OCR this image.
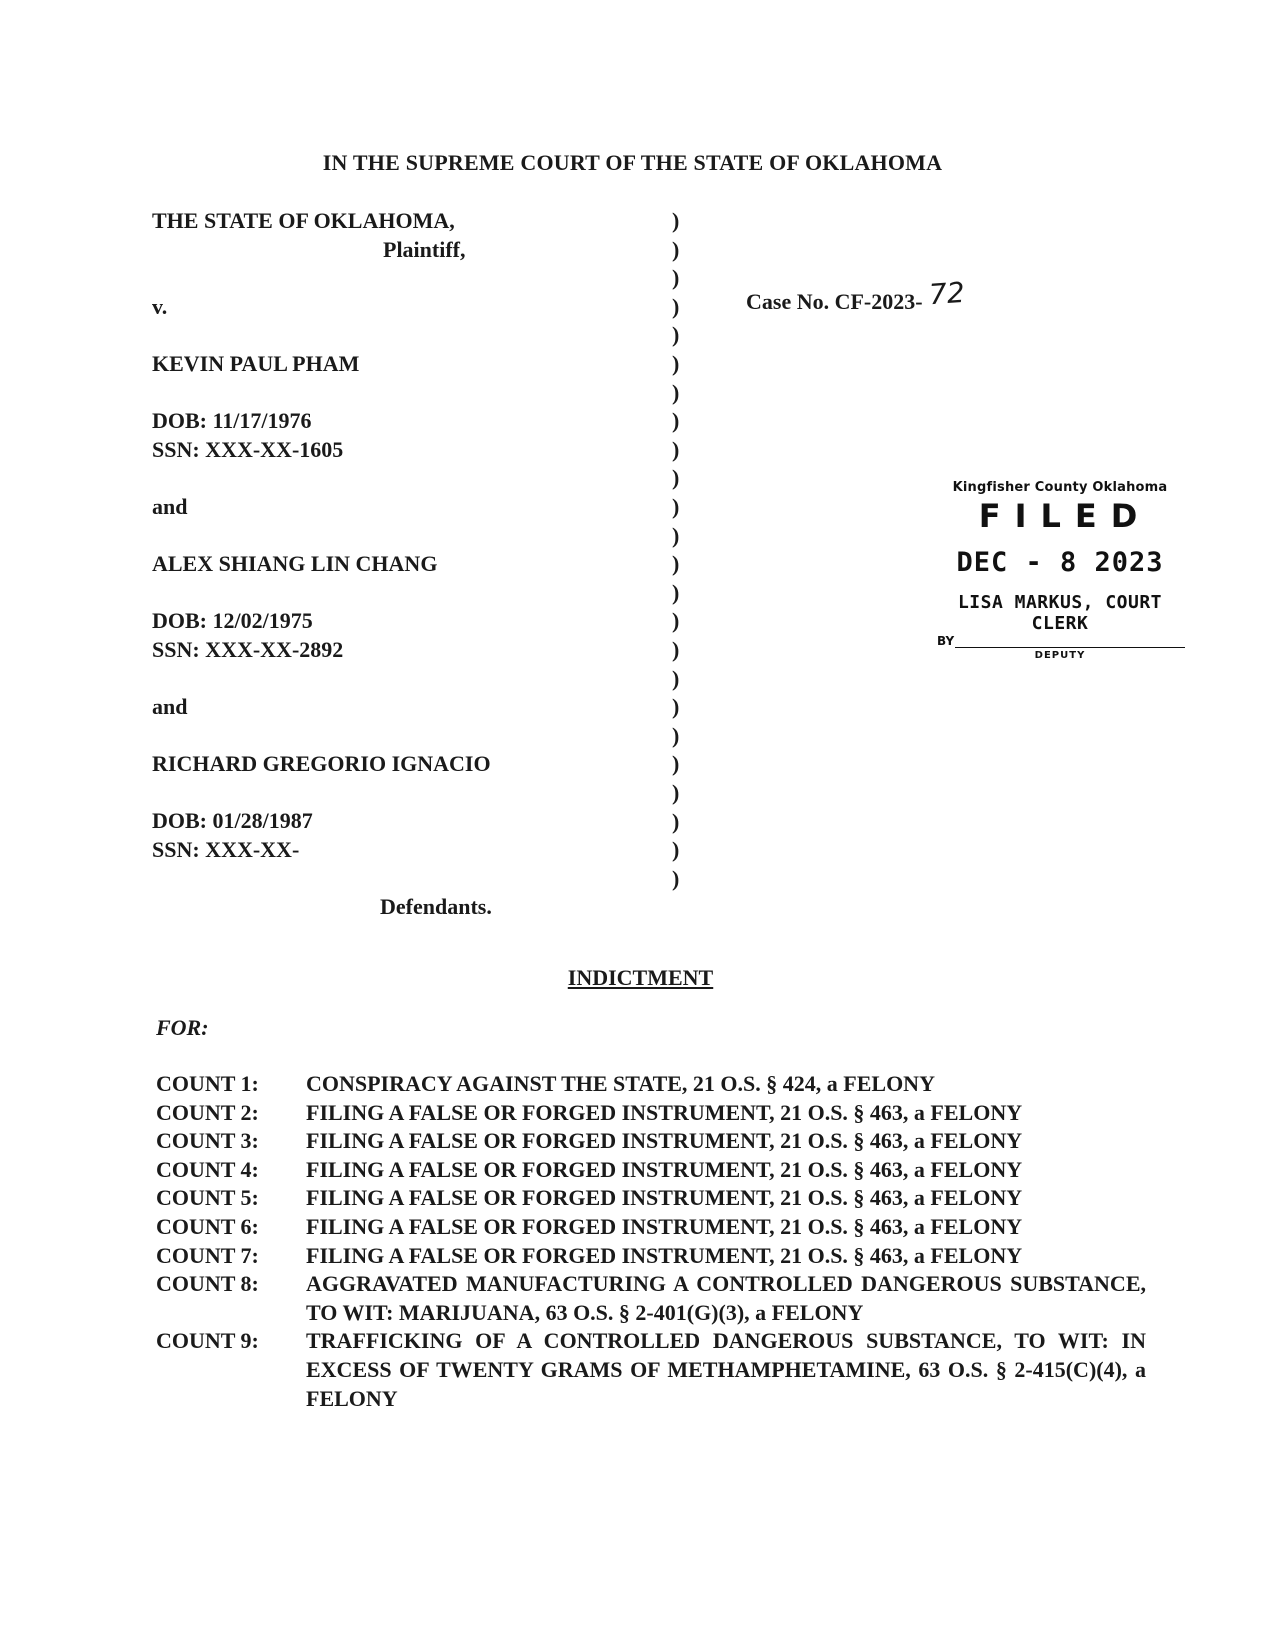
IN THE SUPREME COURT OF THE STATE OF OKLAHOMA
THE STATE OF OKLAHOMA,
Plaintiff,
v.
KEVIN PAUL PHAM
DOB: 11/17/1976
SSN: XXX-XX-1605
and
ALEX SHIANG LIN CHANG
DOB: 12/02/1975
SSN: XXX-XX-2892
and
RICHARD GREGORIO IGNACIO
DOB: 01/28/1987
SSN: XXX-XX-
Defendants.
)
)
)
)
)
)
)
)
)
)
)
)
)
)
)
)
)
)
)
)
)
)
)
)
Case No. CF-2023- 72
Kingfisher County Oklahoma
FILED
DEC - 8 2023
LISA MARKUS, COURT CLERK
BY
DEPUTY
INDICTMENT
FOR:
COUNT 1:	CONSPIRACY AGAINST THE STATE, 21 O.S. § 424, a FELONY
COUNT 2:	FILING A FALSE OR FORGED INSTRUMENT, 21 O.S. § 463, a FELONY
COUNT 3:	FILING A FALSE OR FORGED INSTRUMENT, 21 O.S. § 463, a FELONY
COUNT 4:	FILING A FALSE OR FORGED INSTRUMENT, 21 O.S. § 463, a FELONY
COUNT 5:	FILING A FALSE OR FORGED INSTRUMENT, 21 O.S. § 463, a FELONY
COUNT 6:	FILING A FALSE OR FORGED INSTRUMENT, 21 O.S. § 463, a FELONY
COUNT 7:	FILING A FALSE OR FORGED INSTRUMENT, 21 O.S. § 463, a FELONY
COUNT 8:	AGGRAVATED MANUFACTURING A CONTROLLED DANGEROUS SUBSTANCE, TO WIT: MARIJUANA, 63 O.S. § 2-401(G)(3), a FELONY
COUNT 9:	TRAFFICKING OF A CONTROLLED DANGEROUS SUBSTANCE, TO WIT: IN EXCESS OF TWENTY GRAMS OF METHAMPHETAMINE, 63 O.S. § 2-415(C)(4), a FELONY
